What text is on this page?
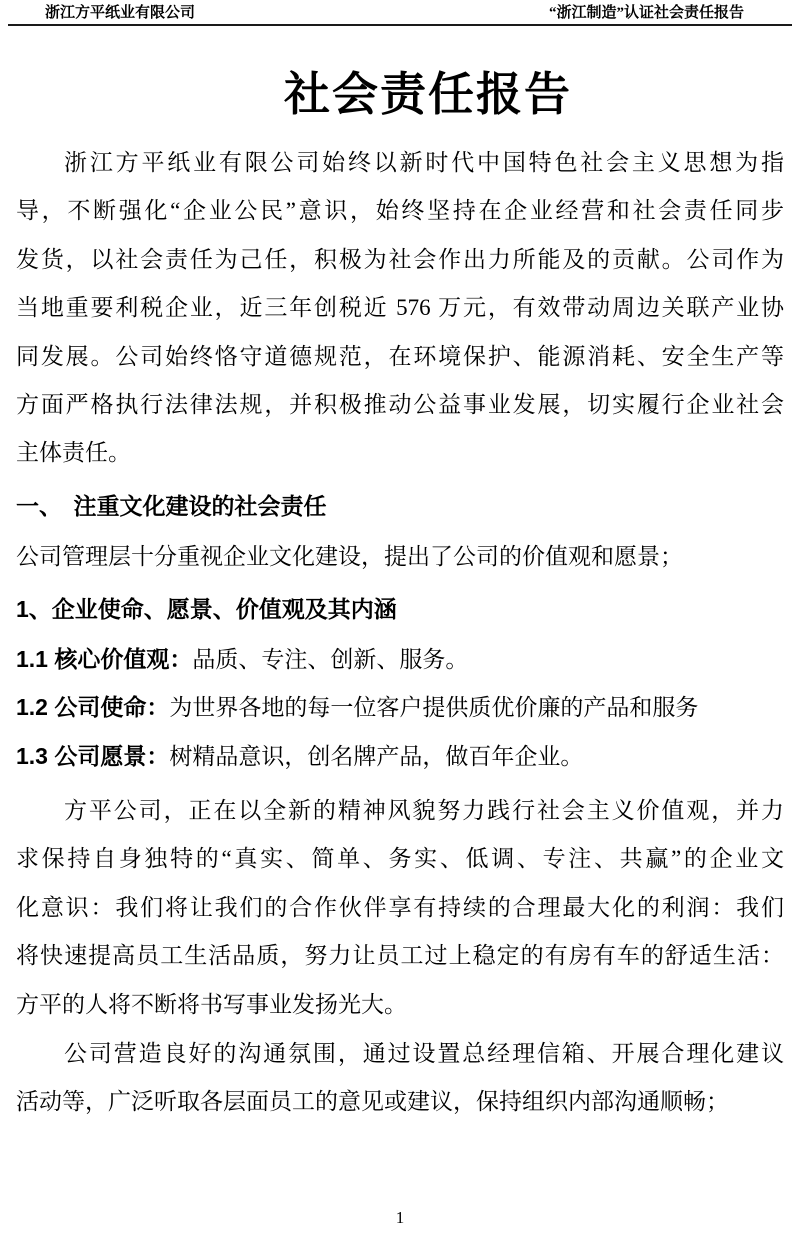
浙江方平纸业有限公司	“浙江制造”认证社会责任报告
社会责任报告
浙江方平纸业有限公司始终以新时代中国特色社会主义思想为指
导，不断强化“企业公民”意识，始终坚持在企业经营和社会责任同步
发货，以社会责任为己任，积极为社会作出力所能及的贡献。公司作为
当地重要利税企业，近三年创税近 576 万元，有效带动周边关联产业协
同发展。公司始终恪守道德规范，在环境保护、能源消耗、安全生产等
方面严格执行法律法规，并积极推动公益事业发展，切实履行企业社会
主体责任。
一、　注重文化建设的社会责任
公司管理层十分重视企业文化建设，提出了公司的价值观和愿景；
1、企业使命、愿景、价值观及其内涵
1.1 核心价值观：品质、专注、创新、服务。
1.2 公司使命：为世界各地的每一位客户提供质优价廉的产品和服务
1.3 公司愿景：树精品意识，创名牌产品，做百年企业。
方平公司，正在以全新的精神风貌努力践行社会主义价值观，并力
求保持自身独特的“真实、简单、务实、低调、专注、共赢”的企业文
化意识：我们将让我们的合作伙伴享有持续的合理最大化的利润：我们
将快速提高员工生活品质，努力让员工过上稳定的有房有车的舒适生活：
方平的人将不断将书写事业发扬光大。
公司营造良好的沟通氛围，通过设置总经理信箱、开展合理化建议
活动等，广泛听取各层面员工的意见或建议，保持组织内部沟通顺畅；
1
